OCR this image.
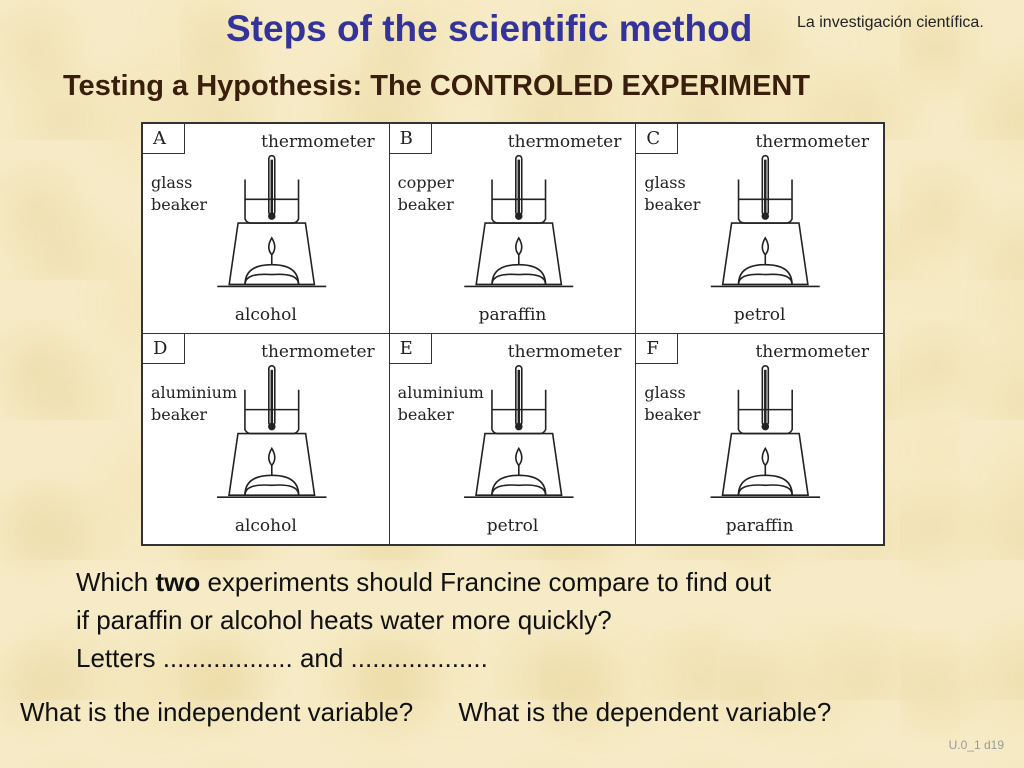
Steps of the scientific method	La investigación científica.
Testing a Hypothesis: The CONTROLED EXPERIMENT
A	thermometer
glass
beaker
alcohol
B	thermometer
copper
beaker
paraffin
C	thermometer
glass
beaker
petrol
D	thermometer
aluminium
beaker
alcohol
E	thermometer
aluminium
beaker
petrol
F	thermometer
glass
beaker
paraffin

Which two experiments should Francine compare to find out

if paraffin or alcohol heats water more quickly?

Letters .................. and ...................

What is the independent variable? What is the dependent variable?
U.0_1 d19
